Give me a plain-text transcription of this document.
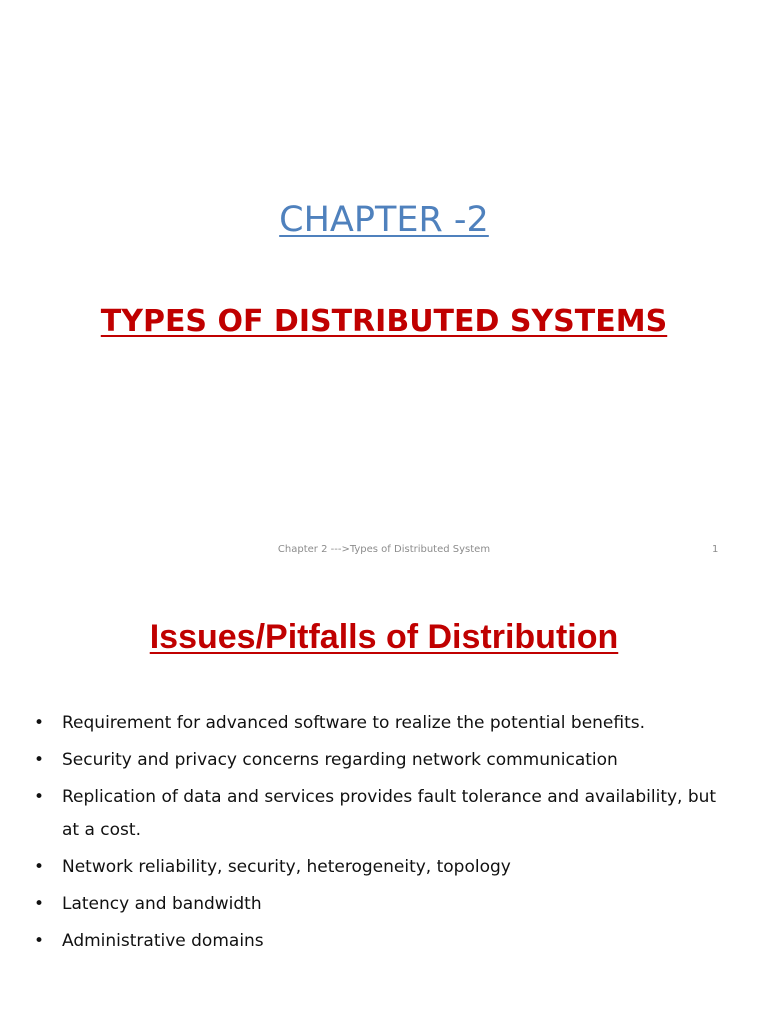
CHAPTER -2
TYPES OF DISTRIBUTED SYSTEMS
Chapter 2 --->Types of Distributed System	1
Issues/Pitfalls of Distribution
• Requirement for advanced software to realize the potential benefits.
• Security and privacy concerns regarding network communication
• Replication of data and services provides fault tolerance and availability, but at a cost.
• Network reliability, security, heterogeneity, topology
• Latency and bandwidth
• Administrative domains
